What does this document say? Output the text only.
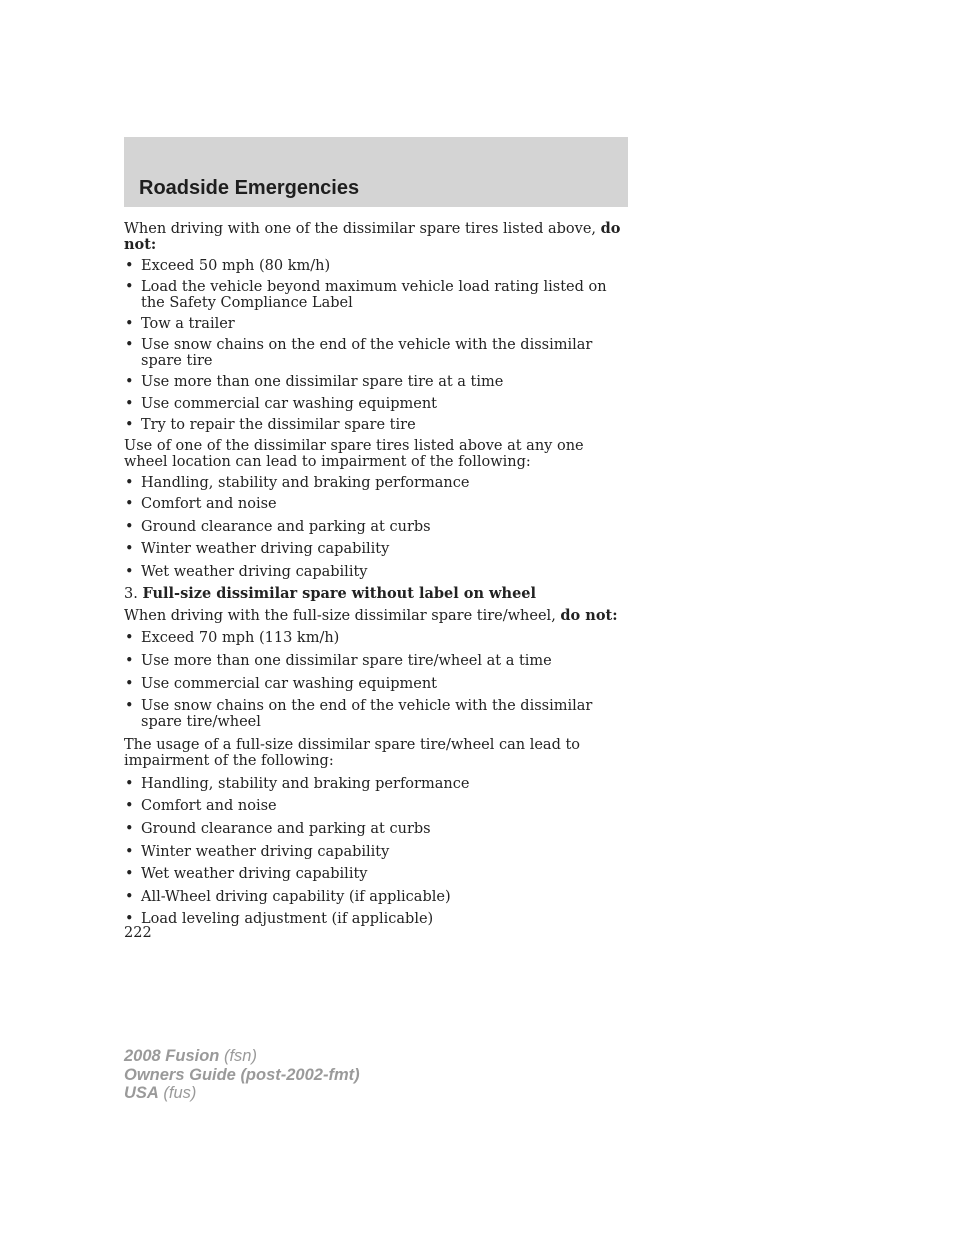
Roadside Emergencies

When driving with one of the dissimilar spare tires listed above, do not:

• Exceed 50 mph (80 km/h)

• Load the vehicle beyond maximum vehicle load rating listed on the Safety Compliance Label

• Tow a trailer

• Use snow chains on the end of the vehicle with the dissimilar spare tire

• Use more than one dissimilar spare tire at a time

• Use commercial car washing equipment

• Try to repair the dissimilar spare tire

Use of one of the dissimilar spare tires listed above at any one wheel location can lead to impairment of the following:

• Handling, stability and braking performance

• Comfort and noise

• Ground clearance and parking at curbs

• Winter weather driving capability

• Wet weather driving capability

3. Full-size dissimilar spare without label on wheel

When driving with the full-size dissimilar spare tire/wheel, do not:

• Exceed 70 mph (113 km/h)

• Use more than one dissimilar spare tire/wheel at a time

• Use commercial car washing equipment

• Use snow chains on the end of the vehicle with the dissimilar spare tire/wheel

The usage of a full-size dissimilar spare tire/wheel can lead to impairment of the following:

• Handling, stability and braking performance

• Comfort and noise

• Ground clearance and parking at curbs

• Winter weather driving capability

• Wet weather driving capability

• All-Wheel driving capability (if applicable)

• Load leveling adjustment (if applicable)

222
2008 Fusion (fsn)
Owners Guide (post-2002-fmt)
USA (fus)
